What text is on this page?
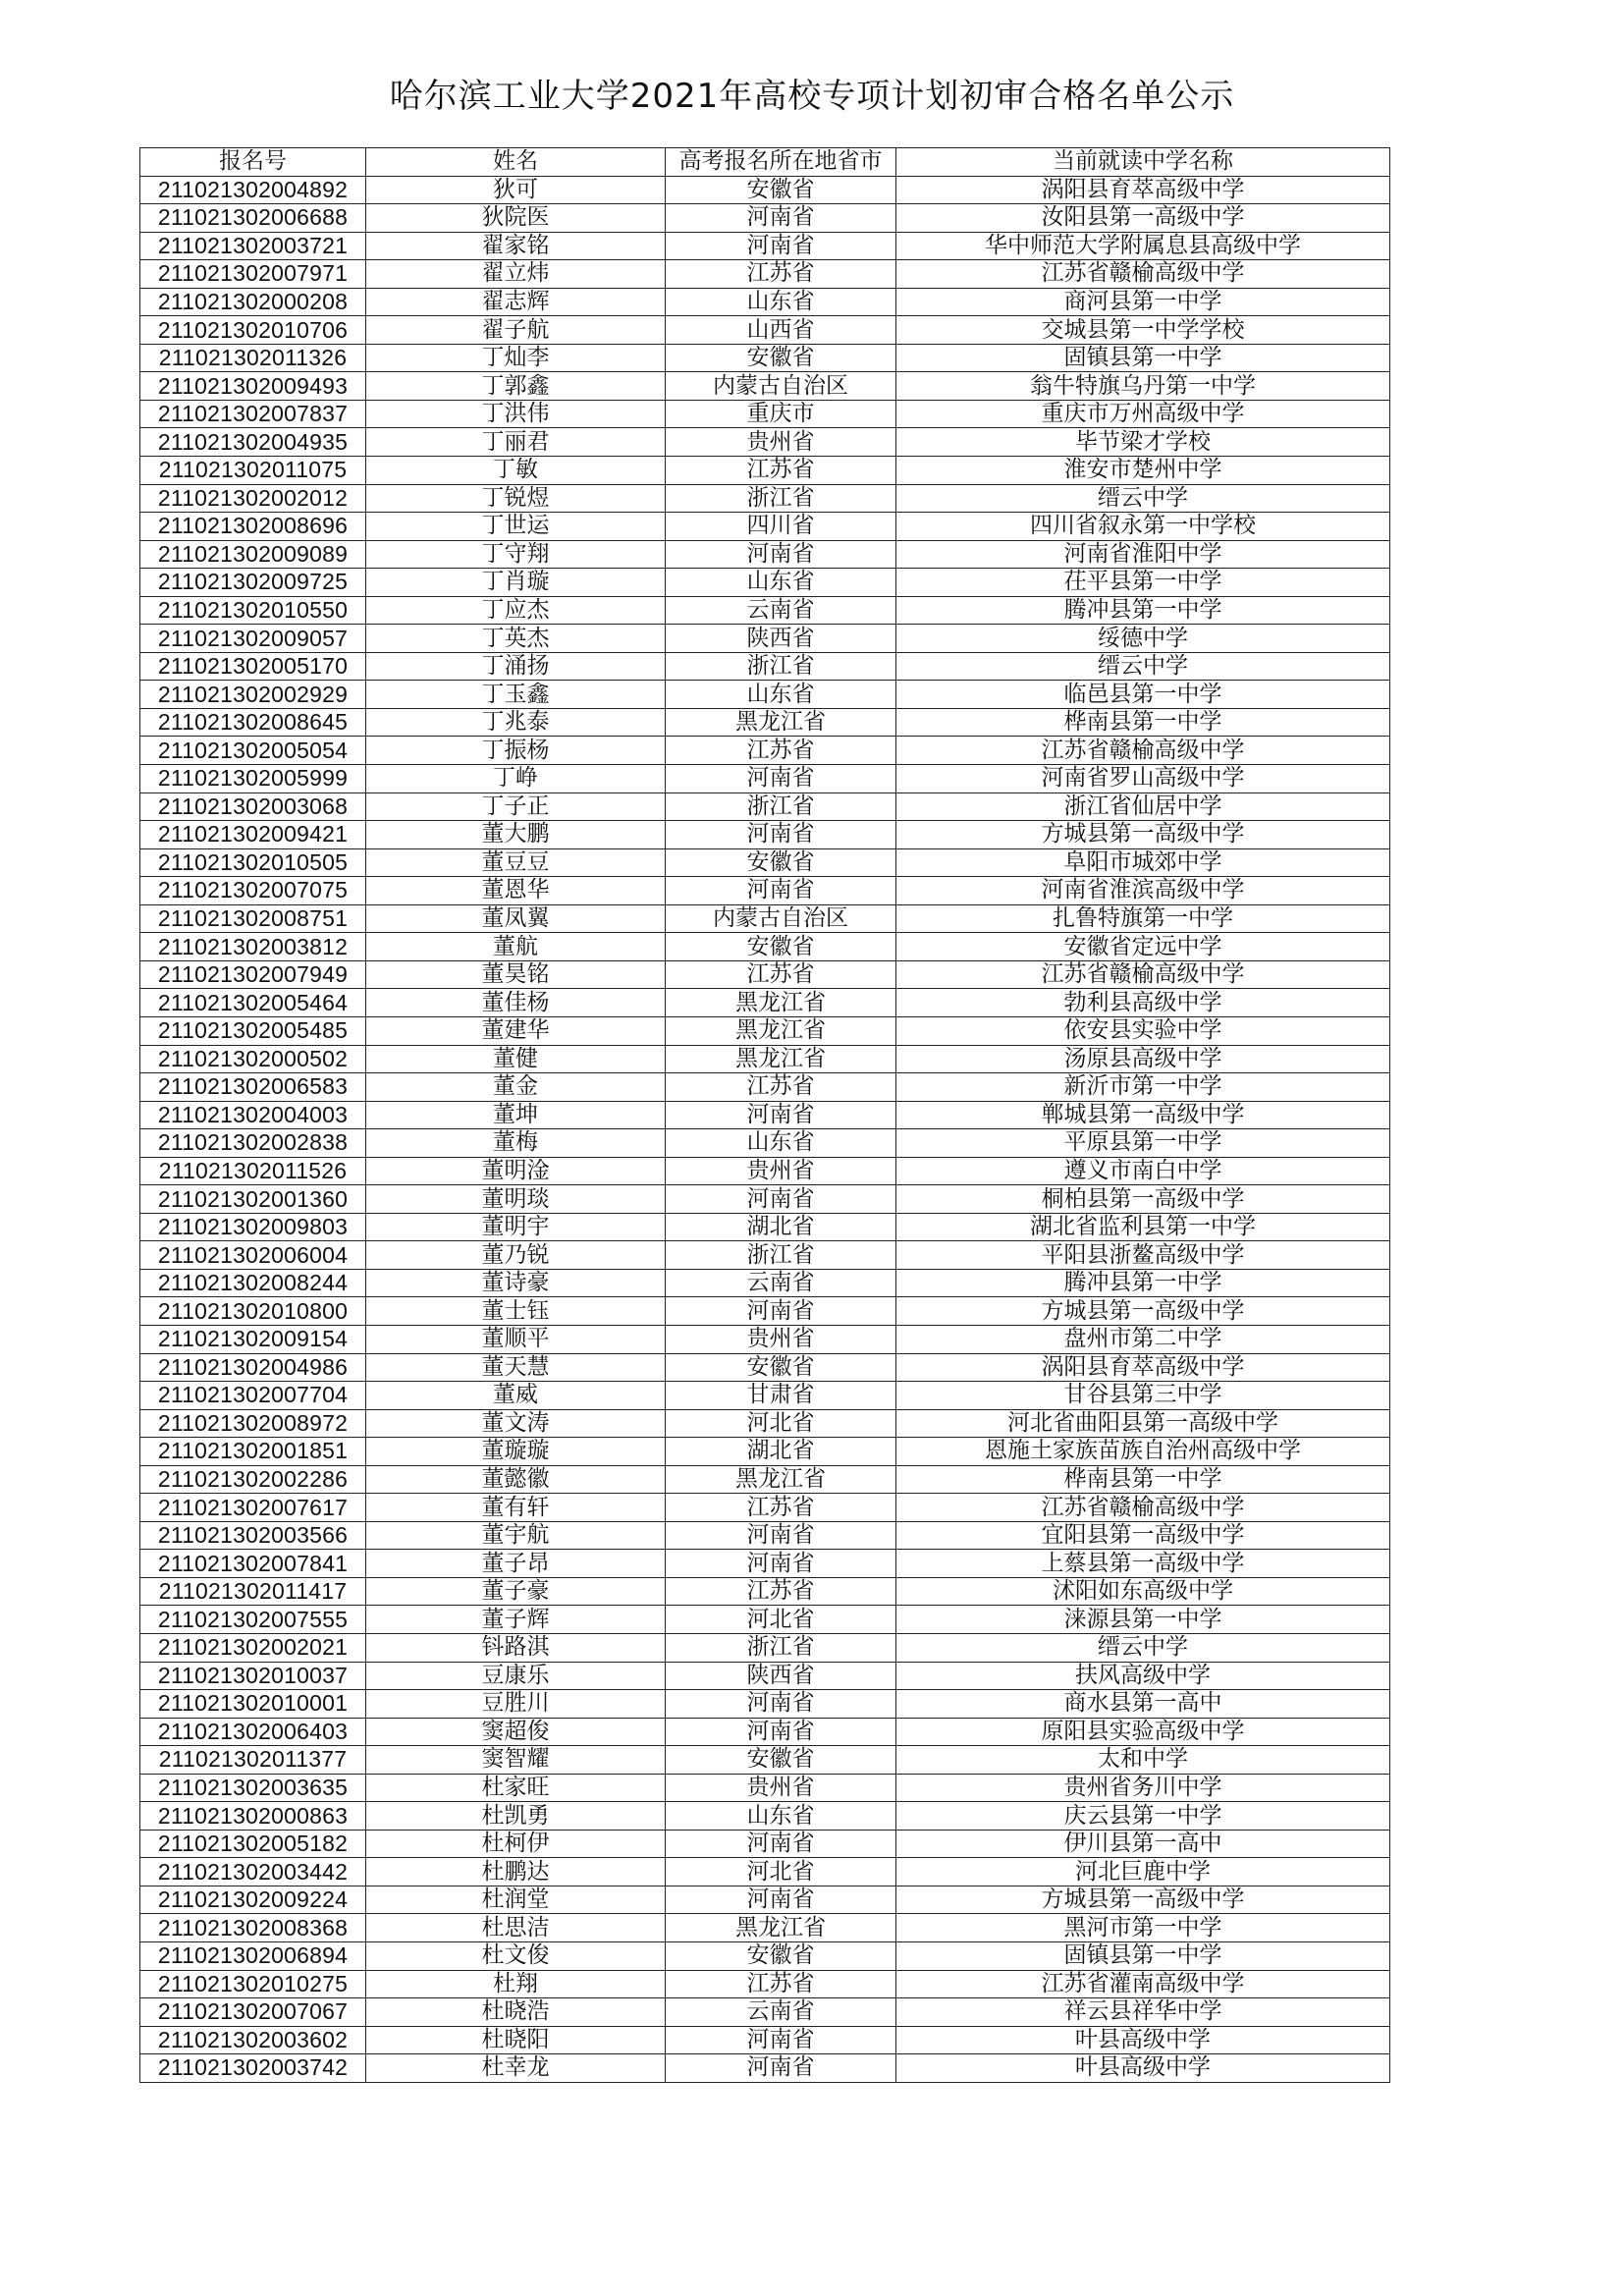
哈尔滨工业大学2021年高校专项计划初审合格名单公示
报名号	姓名	高考报名所在地省市	当前就读中学名称
211021302004892	狄可	安徽省	涡阳县育萃高级中学
211021302006688	狄院医	河南省	汝阳县第一高级中学
211021302003721	翟家铭	河南省	华中师范大学附属息县高级中学
211021302007971	翟立炜	江苏省	江苏省赣榆高级中学
211021302000208	翟志辉	山东省	商河县第一中学
211021302010706	翟子航	山西省	交城县第一中学学校
211021302011326	丁灿李	安徽省	固镇县第一中学
211021302009493	丁郭鑫	内蒙古自治区	翁牛特旗乌丹第一中学
211021302007837	丁洪伟	重庆市	重庆市万州高级中学
211021302004935	丁丽君	贵州省	毕节梁才学校
211021302011075	丁敏	江苏省	淮安市楚州中学
211021302002012	丁锐煜	浙江省	缙云中学
211021302008696	丁世运	四川省	四川省叙永第一中学校
211021302009089	丁守翔	河南省	河南省淮阳中学
211021302009725	丁肖璇	山东省	茌平县第一中学
211021302010550	丁应杰	云南省	腾冲县第一中学
211021302009057	丁英杰	陕西省	绥德中学
211021302005170	丁涌扬	浙江省	缙云中学
211021302002929	丁玉鑫	山东省	临邑县第一中学
211021302008645	丁兆泰	黑龙江省	桦南县第一中学
211021302005054	丁振杨	江苏省	江苏省赣榆高级中学
211021302005999	丁峥	河南省	河南省罗山高级中学
211021302003068	丁子正	浙江省	浙江省仙居中学
211021302009421	董大鹏	河南省	方城县第一高级中学
211021302010505	董豆豆	安徽省	阜阳市城郊中学
211021302007075	董恩华	河南省	河南省淮滨高级中学
211021302008751	董凤翼	内蒙古自治区	扎鲁特旗第一中学
211021302003812	董航	安徽省	安徽省定远中学
211021302007949	董昊铭	江苏省	江苏省赣榆高级中学
211021302005464	董佳杨	黑龙江省	勃利县高级中学
211021302005485	董建华	黑龙江省	依安县实验中学
211021302000502	董健	黑龙江省	汤原县高级中学
211021302006583	董金	江苏省	新沂市第一中学
211021302004003	董坤	河南省	郸城县第一高级中学
211021302002838	董梅	山东省	平原县第一中学
211021302011526	董明淦	贵州省	遵义市南白中学
211021302001360	董明琰	河南省	桐柏县第一高级中学
211021302009803	董明宇	湖北省	湖北省监利县第一中学
211021302006004	董乃锐	浙江省	平阳县浙鳌高级中学
211021302008244	董诗豪	云南省	腾冲县第一中学
211021302010800	董士钰	河南省	方城县第一高级中学
211021302009154	董顺平	贵州省	盘州市第二中学
211021302004986	董天慧	安徽省	涡阳县育萃高级中学
211021302007704	董威	甘肃省	甘谷县第三中学
211021302008972	董文涛	河北省	河北省曲阳县第一高级中学
211021302001851	董璇璇	湖北省	恩施土家族苗族自治州高级中学
211021302002286	董懿徽	黑龙江省	桦南县第一中学
211021302007617	董有轩	江苏省	江苏省赣榆高级中学
211021302003566	董宇航	河南省	宜阳县第一高级中学
211021302007841	董子昂	河南省	上蔡县第一高级中学
211021302011417	董子豪	江苏省	沭阳如东高级中学
211021302007555	董子辉	河北省	涞源县第一中学
211021302002021	钭路淇	浙江省	缙云中学
211021302010037	豆康乐	陕西省	扶风高级中学
211021302010001	豆胜川	河南省	商水县第一高中
211021302006403	窦超俊	河南省	原阳县实验高级中学
211021302011377	窦智耀	安徽省	太和中学
211021302003635	杜家旺	贵州省	贵州省务川中学
211021302000863	杜凯勇	山东省	庆云县第一中学
211021302005182	杜柯伊	河南省	伊川县第一高中
211021302003442	杜鹏达	河北省	河北巨鹿中学
211021302009224	杜润堂	河南省	方城县第一高级中学
211021302008368	杜思洁	黑龙江省	黑河市第一中学
211021302006894	杜文俊	安徽省	固镇县第一中学
211021302010275	杜翔	江苏省	江苏省灌南高级中学
211021302007067	杜晓浩	云南省	祥云县祥华中学
211021302003602	杜晓阳	河南省	叶县高级中学
211021302003742	杜幸龙	河南省	叶县高级中学
